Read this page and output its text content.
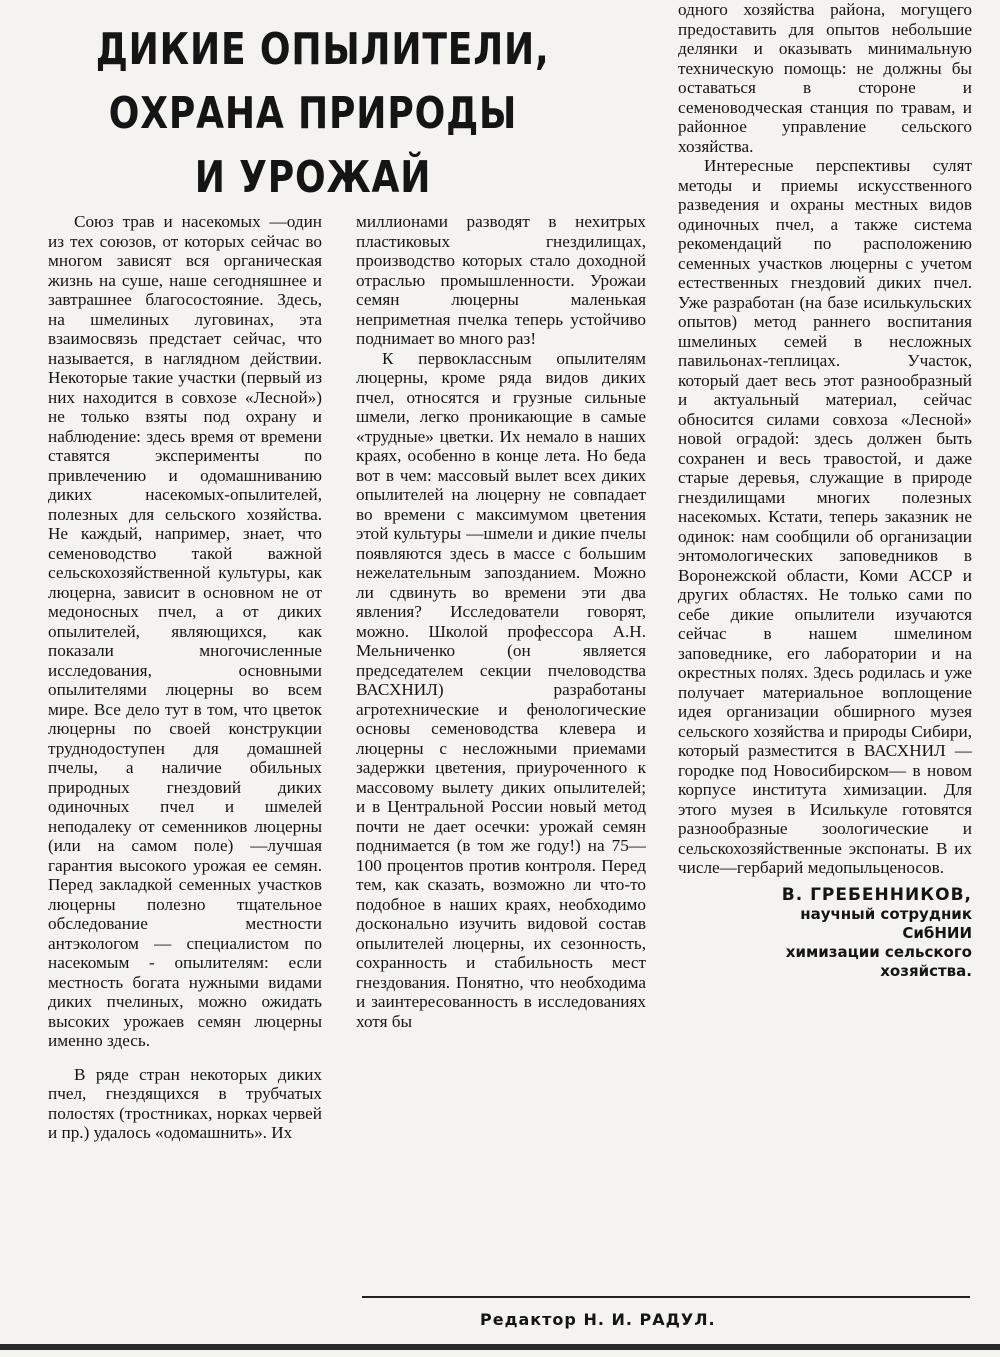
ДИКИЕ ОПЫЛИТЕЛИ,
ОХРАНА ПРИРОДЫ
И УРОЖАЙ

Союз трав и насекомых —один из тех союзов, от которых сейчас во многом зависят вся органическая жизнь на суше, наше сегодняшнее и завтрашнее благосостояние. Здесь, на шмелиных луговинах, эта взаимосвязь предстает сейчас, что называется, в наглядном действии. Некоторые такие участки (первый из них находится в совхозе «Лесной») не только взяты под охрану и наблюдение: здесь время от времени ставятся эксперименты по привлечению и одомашниванию диких насекомых-опылителей, полезных для сельского хозяйства. Не каждый, например, знает, что семеноводство такой важной сельскохозяйственной культуры, как люцерна, зависит в основном не от медоносных пчел, а от диких опылителей, являющихся, как показали многочисленные исследования, основными опылителями люцерны во всем мире. Все дело тут в том, что цветок люцерны по своей конструкции труднодоступен для домашней пчелы, а наличие обильных природных гнездовий диких одиночных пчел и шмелей неподалеку от семенников люцерны (или на самом поле) —лучшая гарантия высокого урожая ее семян. Перед закладкой семенных участков люцерны полезно тщательное обследование местности антэкологом — специалистом по насекомым - опылителям: если местность богата нужными видами диких пчелиных, можно ожидать высоких урожаев семян люцерны именно здесь.

В ряде стран некоторых диких пчел, гнездящихся в трубчатых полостях (тростниках, норках червей и пр.) удалось «одомашнить». Их

миллионами разводят в нехитрых пластиковых гнездилищах, производство которых стало доходной отраслью промышленности. Урожаи семян люцерны маленькая неприметная пчелка теперь устойчиво поднимает во много раз!

К первоклассным опылителям люцерны, кроме ряда видов диких пчел, относятся и грузные сильные шмели, легко проникающие в самые «трудные» цветки. Их немало в наших краях, особенно в конце лета. Но беда вот в чем: массовый вылет всех диких опылителей на люцерну не совпадает во времени с максимумом цветения этой культуры —шмели и дикие пчелы появляются здесь в массе с большим нежелательным запозданием. Можно ли сдвинуть во времени эти два явления? Исследователи говорят, можно. Школой профессора А.Н. Мельниченко (он является председателем секции пчеловодства ВАСХНИЛ) разработаны агротехнические и фенологические основы семеноводства клевера и люцерны с несложными приемами задержки цветения, приуроченного к массовому вылету диких опылителей; и в Центральной России новый метод почти не дает осечки: урожай семян поднимается (в том же году!) на 75—100 процентов против контроля. Перед тем, как сказать, возможно ли что-то подобное в наших краях, необходимо досконально изучить видовой состав опылителей люцерны, их сезонность, сохранность и стабильность мест гнездования. Понятно, что необходима и заинтересованность в исследованиях хотя бы

одного хозяйства района, могущего предоставить для опытов небольшие делянки и оказывать минимальную техническую помощь: не должны бы оставаться в стороне и семеноводческая станция по травам, и районное управление сельского хозяйства.

Интересные перспективы сулят методы и приемы искусственного разведения и охраны местных видов одиночных пчел, а также система рекомендаций по расположению семенных участков люцерны с учетом естественных гнездовий диких пчел. Уже разработан (на базе исилькульских опытов) метод раннего воспитания шмелиных семей в несложных павильонах-теплицах. Участок, который дает весь этот разнообразный и актуальный материал, сейчас обносится силами совхоза «Лесной» новой оградой: здесь должен быть сохранен и весь травостой, и даже старые деревья, служащие в природе гнездилищами многих полезных насекомых. Кстати, теперь заказник не одинок: нам сообщили об организации энтомологических заповедников в Воронежской области, Коми АССР и других областях. Не только сами по себе дикие опылители изучаются сейчас в нашем шмелином заповеднике, его лаборатории и на окрестных полях. Здесь родилась и уже получает материальное воплощение идея организации обширного музея сельского хозяйства и природы Сибири, который разместится в ВАСХНИЛ —городке под Новосибирском— в новом корпусе института химизации. Для этого музея в Исилькуле готовятся разнообразные зоологические и сельскохозяйственные экспонаты. В их числе—гербарий медопыльценосов.

В. ГРЕБЕННИКОВ,
научный сотрудник
СибНИИ
химизации сельского
хозяйства.
Редактор Н. И. РАДУЛ.
